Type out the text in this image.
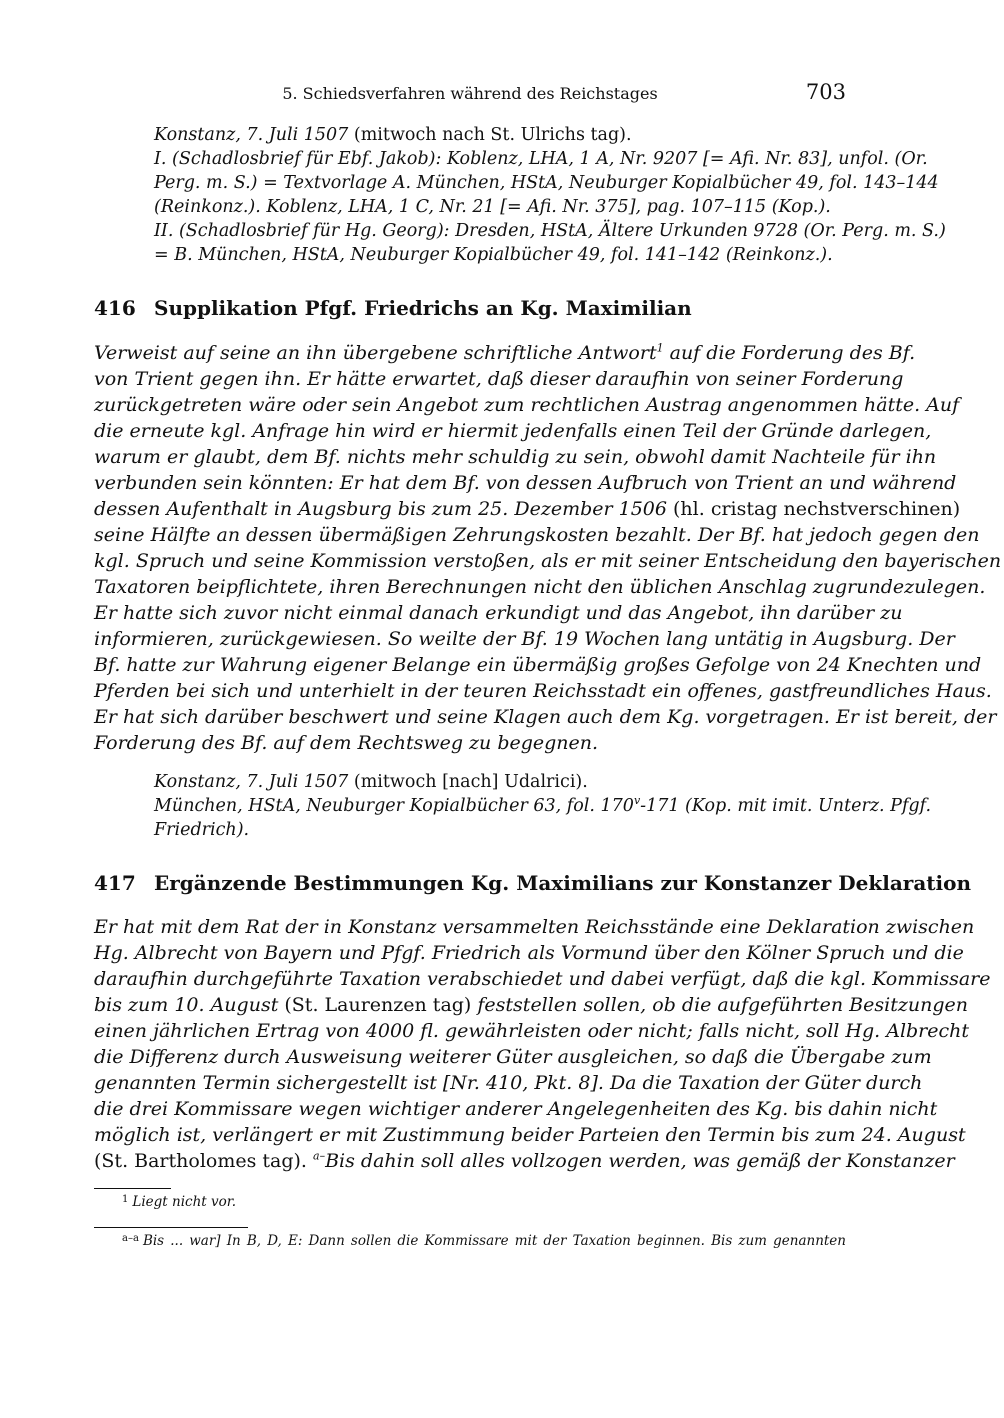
5. Schiedsverfahren während des Reichstages	703
Konstanz, 7. Juli 1507 (mitwoch nach St. Ulrichs tag).
I. (Schadlosbrief für Ebf. Jakob): Koblenz, LHA, 1 A, Nr. 9207 [= Afi. Nr. 83], unfol. (Or.
Perg. m. S.) = Textvorlage A. München, HStA, Neuburger Kopialbücher 49, fol. 143–144
(Reinkonz.). Koblenz, LHA, 1 C, Nr. 21 [= Afi. Nr. 375], pag. 107–115 (Kop.).
II. (Schadlosbrief für Hg. Georg): Dresden, HStA, Ältere Urkunden 9728 (Or. Perg. m. S.)
= B. München, HStA, Neuburger Kopialbücher 49, fol. 141–142 (Reinkonz.).
416 Supplikation Pfgf. Friedrichs an Kg. Maximilian
Verweist auf seine an ihn übergebene schriftliche Antwort$^1$ auf die Forderung des Bf.
von Trient gegen ihn. Er hätte erwartet, daß dieser daraufhin von seiner Forderung
zurückgetreten wäre oder sein Angebot zum rechtlichen Austrag angenommen hätte. Auf
die erneute kgl. Anfrage hin wird er hiermit jedenfalls einen Teil der Gründe darlegen,
warum er glaubt, dem Bf. nichts mehr schuldig zu sein, obwohl damit Nachteile für ihn
verbunden sein könnten: Er hat dem Bf. von dessen Aufbruch von Trient an und während
dessen Aufenthalt in Augsburg bis zum 25. Dezember 1506 (hl. cristag nechstverschinen)
seine Hälfte an dessen übermäßigen Zehrungskosten bezahlt. Der Bf. hat jedoch gegen den
kgl. Spruch und seine Kommission verstoßen, als er mit seiner Entscheidung den bayerischen
Taxatoren beipflichtete, ihren Berechnungen nicht den üblichen Anschlag zugrundezulegen.
Er hatte sich zuvor nicht einmal danach erkundigt und das Angebot, ihn darüber zu
informieren, zurückgewiesen. So weilte der Bf. 19 Wochen lang untätig in Augsburg. Der
Bf. hatte zur Wahrung eigener Belange ein übermäßig großes Gefolge von 24 Knechten und
Pferden bei sich und unterhielt in der teuren Reichsstadt ein offenes, gastfreundliches Haus.
Er hat sich darüber beschwert und seine Klagen auch dem Kg. vorgetragen. Er ist bereit, der
Forderung des Bf. auf dem Rechtsweg zu begegnen.
Konstanz, 7. Juli 1507 (mitwoch [nach] Udalrici).
München, HStA, Neuburger Kopialbücher 63, fol. 170$^v$-171 (Kop. mit imit. Unterz. Pfgf.
Friedrich).
417 Ergänzende Bestimmungen Kg. Maximilians zur Konstanzer Deklaration
Er hat mit dem Rat der in Konstanz versammelten Reichsstände eine Deklaration zwischen
Hg. Albrecht von Bayern und Pfgf. Friedrich als Vormund über den Kölner Spruch und die
daraufhin durchgeführte Taxation verabschiedet und dabei verfügt, daß die kgl. Kommissare
bis zum 10. August (St. Laurenzen tag) feststellen sollen, ob die aufgeführten Besitzungen
einen jährlichen Ertrag von 4000 fl. gewährleisten oder nicht; falls nicht, soll Hg. Albrecht
die Differenz durch Ausweisung weiterer Güter ausgleichen, so daß die Übergabe zum
genannten Termin sichergestellt ist [Nr. 410, Pkt. 8]. Da die Taxation der Güter durch
die drei Kommissare wegen wichtiger anderer Angelegenheiten des Kg. bis dahin nicht
möglich ist, verlängert er mit Zustimmung beider Parteien den Termin bis zum 24. August
(St. Bartholomes tag). $^{a-}$Bis dahin soll alles vollzogen werden, was gemäß der Konstanzer
$^1$ Liegt nicht vor.
$^{a-a}$ Bis ... war] In B, D, E: Dann sollen die Kommissare mit der Taxation beginnen. Bis zum genannten
